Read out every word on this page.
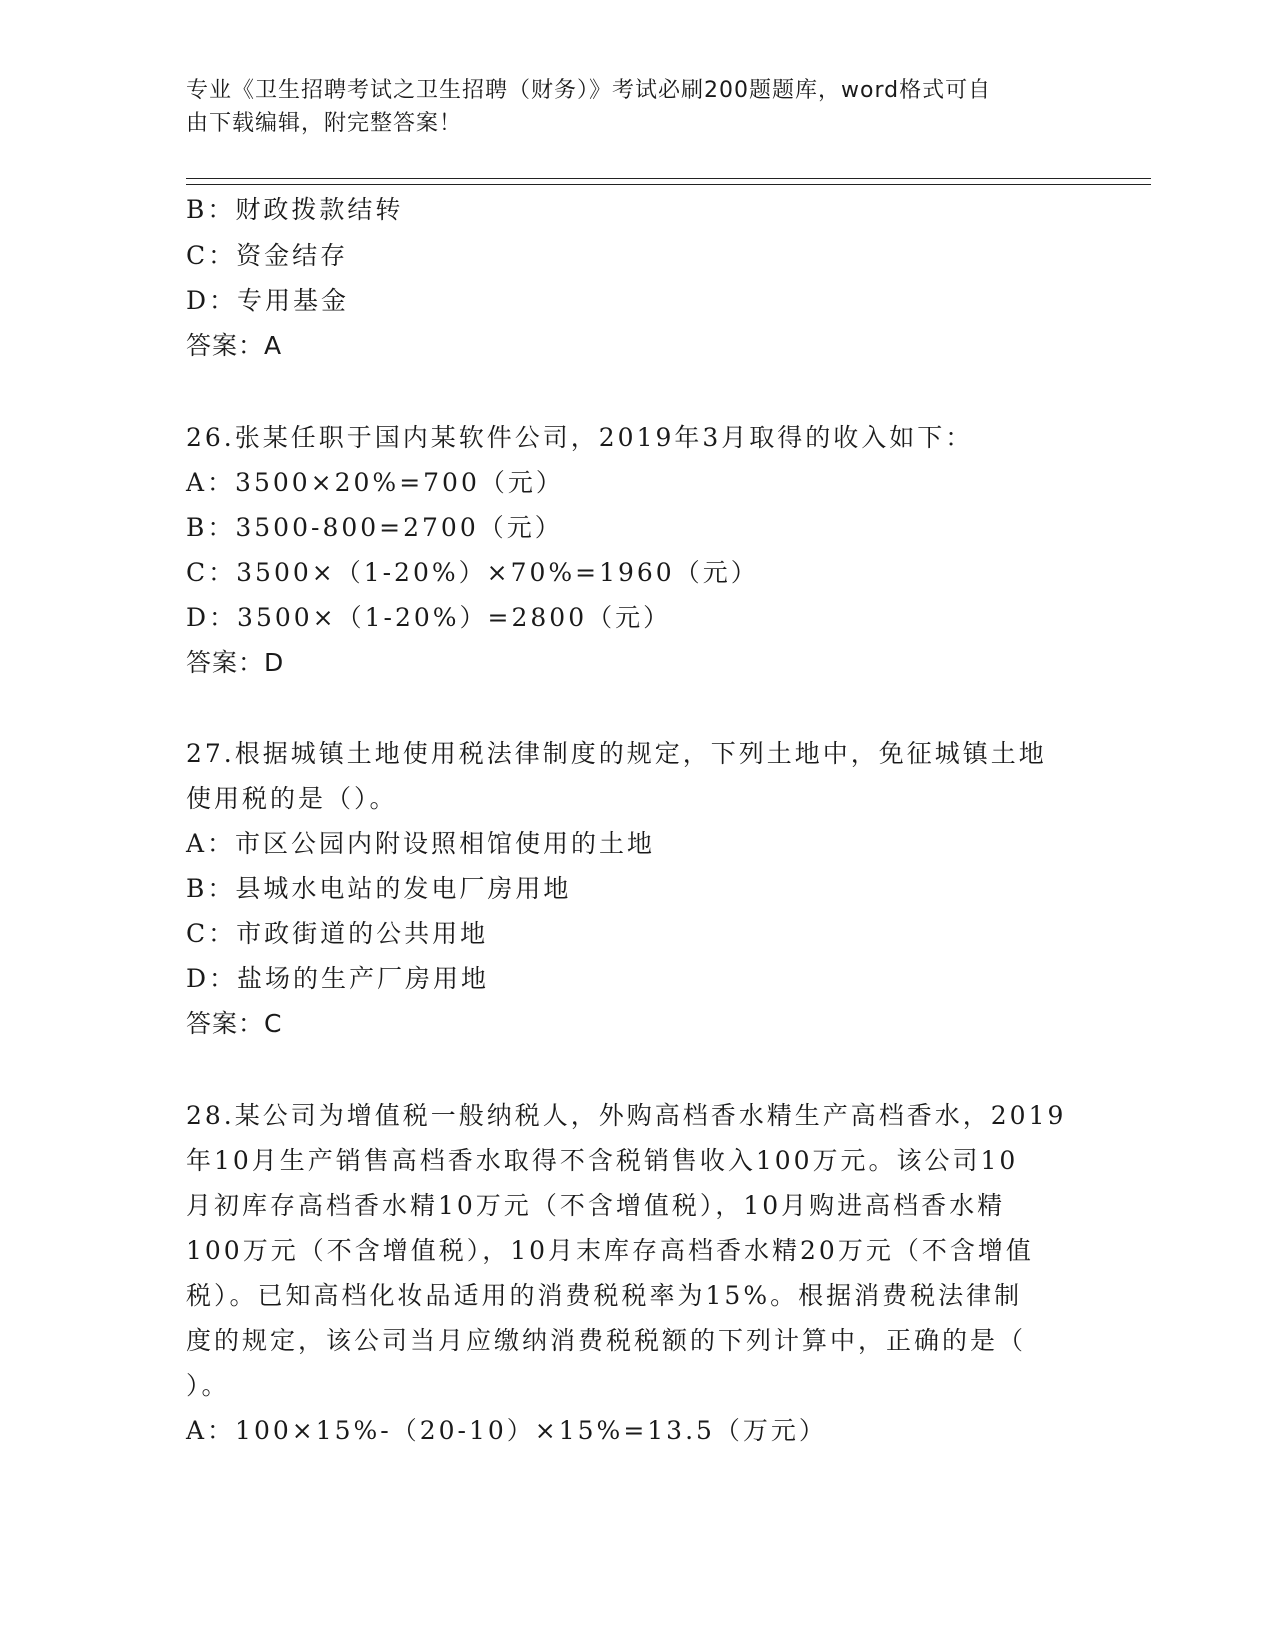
专业《卫生招聘考试之卫生招聘（财务）》考试必刷200题题库，word格式可自
由下载编辑，附完整答案！
B：财政拨款结转
C：资金结存
D：专用基金
答案：A
26.张某任职于国内某软件公司，2019年3月取得的收入如下：
A：3500×20%=700（元）
B：3500-800=2700（元）
C：3500×（1-20%）×70%=1960（元）
D：3500×（1-20%）=2800（元）
答案：D
27.根据城镇土地使用税法律制度的规定，下列土地中，免征城镇土地
使用税的是（）。
A：市区公园内附设照相馆使用的土地
B：县城水电站的发电厂房用地
C：市政街道的公共用地
D：盐场的生产厂房用地
答案：C
28.某公司为增值税一般纳税人，外购高档香水精生产高档香水，2019
年10月生产销售高档香水取得不含税销售收入100万元。该公司10
月初库存高档香水精10万元（不含增值税），10月购进高档香水精
100万元（不含增值税），10月末库存高档香水精20万元（不含增值
税）。已知高档化妆品适用的消费税税率为15%。根据消费税法律制
度的规定，该公司当月应缴纳消费税税额的下列计算中，正确的是（
）。
A：100×15%-（20-10）×15%=13.5（万元）
